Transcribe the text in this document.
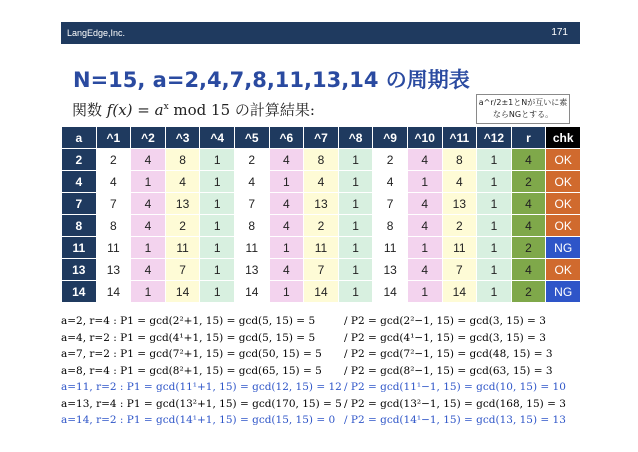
LangEdge,Inc.	171
N=15, a=2,4,7,8,11,13,14 の周期表
関数 $f(x) = a^x$ mod 15 の計算結果:	a^r/2±1とNが互いに素
ならNGとする。
a	^1	^2	^3	^4	^5	^6	^7	^8	^9	^10	^11	^12	r	chk
2	2	4	8	1	2	4	8	1	2	4	8	1	4	OK
4	4	1	4	1	4	1	4	1	4	1	4	1	2	OK
7	7	4	13	1	7	4	13	1	7	4	13	1	4	OK
8	8	4	2	1	8	4	2	1	8	4	2	1	4	OK
11	11	1	11	1	11	1	11	1	11	1	11	1	2	NG
13	13	4	7	1	13	4	7	1	13	4	7	1	4	OK
14	14	1	14	1	14	1	14	1	14	1	14	1	2	NG
a=2, r=4 : P1 = gcd(2²+1, 15) = gcd(5, 15) = 5	/ P2 = gcd(2²−1, 15) = gcd(3, 15) = 3
a=4, r=2 : P1 = gcd(4¹+1, 15) = gcd(5, 15) = 5	/ P2 = gcd(4¹−1, 15) = gcd(3, 15) = 3
a=7, r=2 : P1 = gcd(7²+1, 15) = gcd(50, 15) = 5 / P2 = gcd(7²−1, 15) = gcd(48, 15) = 3
a=8, r=4 : P1 = gcd(8²+1, 15) = gcd(65, 15) = 5 / P2 = gcd(8²−1, 15) = gcd(63, 15) = 3
a=11, r=2 : P1 = gcd(11¹+1, 15) = gcd(12, 15) = 12 / P2 = gcd(11¹−1, 15) = gcd(10, 15) = 10
a=13, r=4 : P1 = gcd(13²+1, 15) = gcd(170, 15) = 5 / P2 = gcd(13²−1, 15) = gcd(168, 15) = 3
a=14, r=2 : P1 = gcd(14¹+1, 15) = gcd(15, 15) = 0 / P2 = gcd(14¹−1, 15) = gcd(13, 15) = 13
